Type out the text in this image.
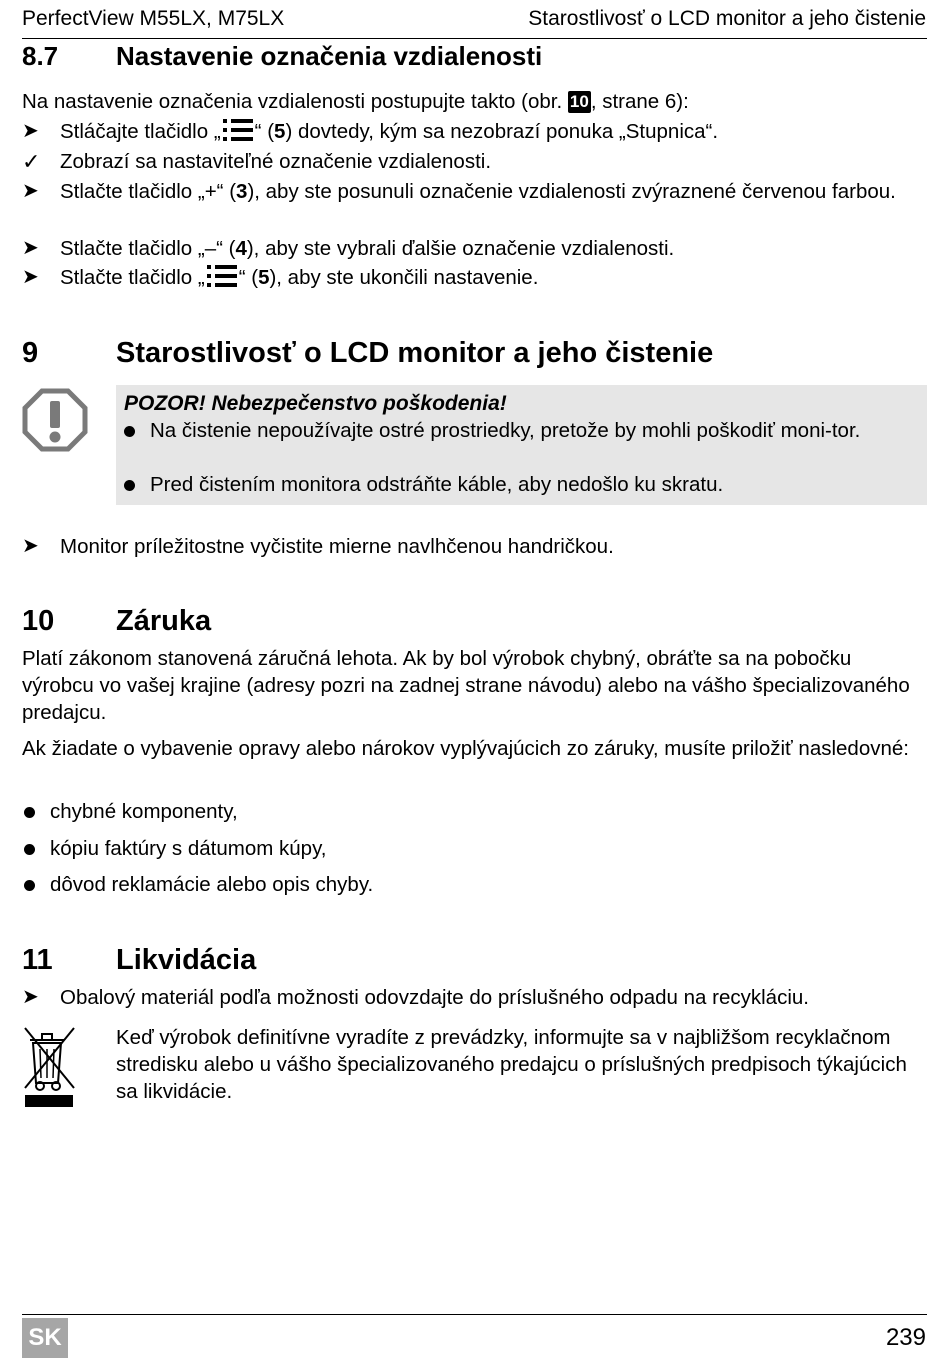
PerfectView M55LX, M75LX	Starostlivosť o LCD monitor a jeho čistenie
8.7 Nastavenie označenia vzdialenosti
Na nastavenie označenia vzdialenosti postupujte takto (obr. 10, strane 6):
➤	Stláčajte tlačidlo „ “ (5) dovtedy, kým sa nezobrazí ponuka „Stupnica“.
✓ Zobrazí sa nastaviteľné označenie vzdialenosti.
➤	Stlačte tlačidlo „+“ (3), aby ste posunuli označenie vzdialenosti zvýraznené červenou farbou.
➤	Stlačte tlačidlo „–“ (4), aby ste vybrali ďalšie označenie vzdialenosti.
➤	Stlačte tlačidlo „ “ (5), aby ste ukončili nastavenie.
9	Starostlivosť o LCD monitor a jeho čistenie
POZOR! Nebezpečenstvo poškodenia!
Na čistenie nepoužívajte ostré prostriedky, pretože by mohli poškodiť moni-tor.
Pred čistením monitora odstráňte káble, aby nedošlo ku skratu.
➤	Monitor príležitostne vyčistite mierne navlhčenou handričkou.
10 Záruka
Platí zákonom stanovená záručná lehota. Ak by bol výrobok chybný, obráťte sa na pobočku výrobcu vo vašej krajine (adresy pozri na zadnej strane návodu) alebo na vášho špecializovaného predajcu.
Ak žiadate o vybavenie opravy alebo nárokov vyplývajúcich zo záruky, musíte priložiť nasledovné:
chybné komponenty,
kópiu faktúry s dátumom kúpy,
dôvod reklamácie alebo opis chyby.
11 Likvidácia
➤	Obalový materiál podľa možnosti odovzdajte do príslušného odpadu na recykláciu.
Keď výrobok definitívne vyradíte z prevádzky, informujte sa v najbližšom recyklačnom stredisku alebo u vášho špecializovaného predajcu o príslušných predpisoch týkajúcich sa likvidácie.
SK	239
